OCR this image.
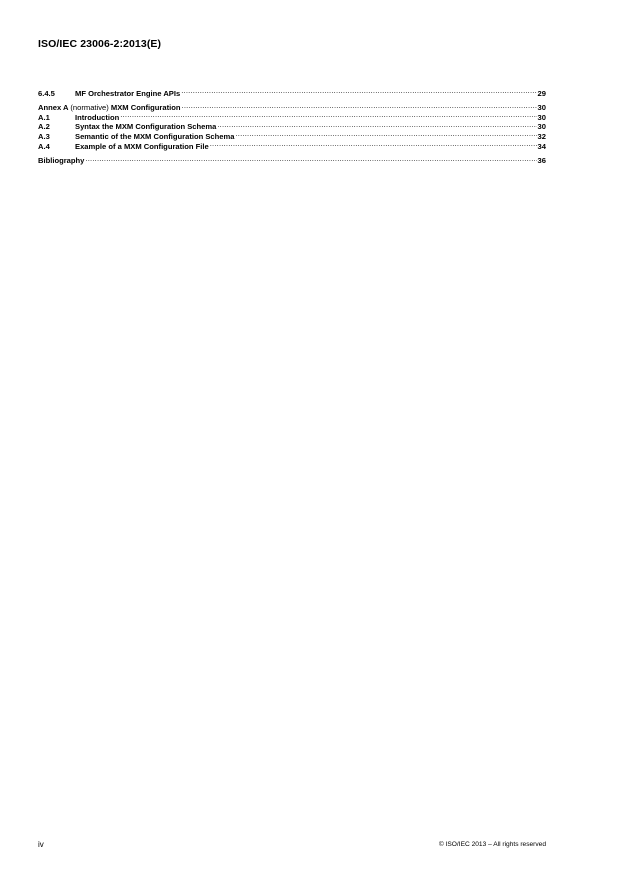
ISO/IEC 23006-2:2013(E)
6.4.5	MF Orchestrator Engine APIs .....	29
Annex A (normative) MXM Configuration .....	30
A.1	Introduction .....	30
A.2	Syntax the MXM Configuration Schema .....	30
A.3	Semantic of the MXM Configuration Schema .....	32
A.4	Example of a MXM Configuration File .....	34
Bibliography .....	36
iv	© ISO/IEC 2013 – All rights reserved
